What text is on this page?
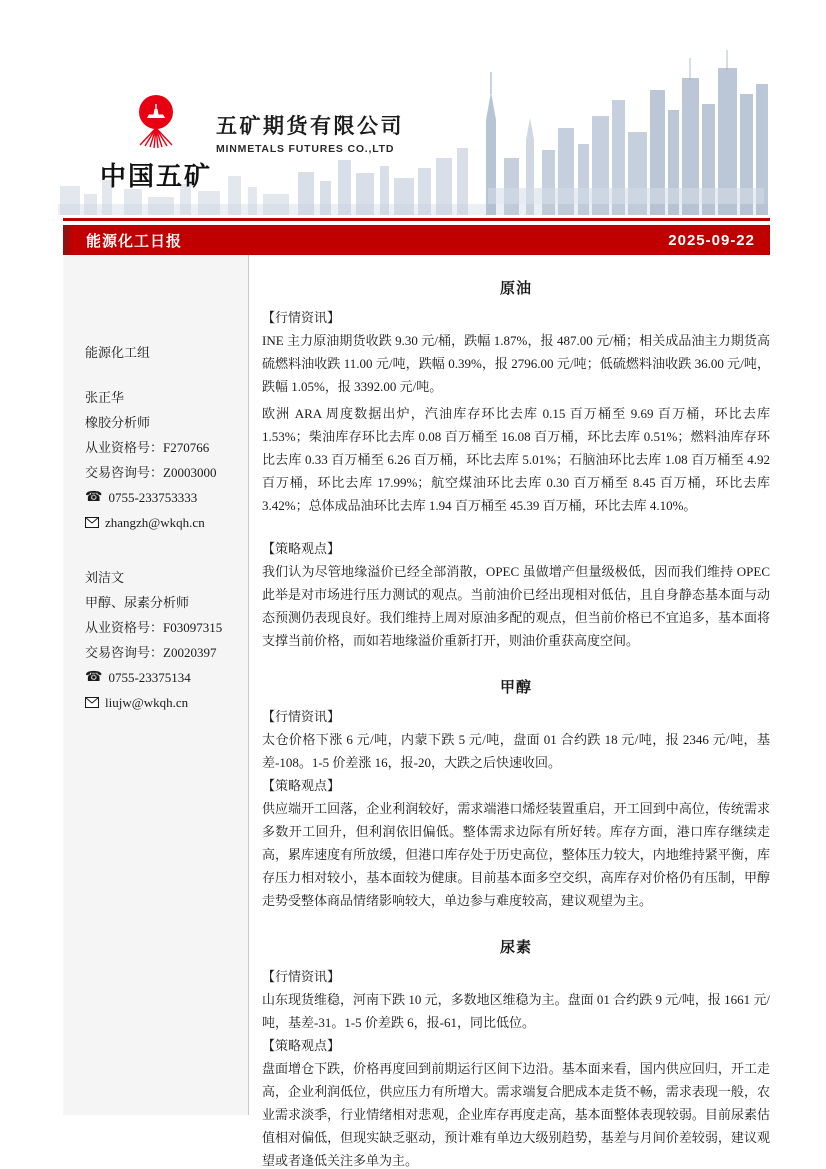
中国五矿
五矿期货有限公司
MINMETALS FUTURES CO.,LTD
能源化工日报	2025-09-22
能源化工组
张正华
橡胶分析师
从业资格号：F270766
交易咨询号：Z0003000
☎ 0755-233753333
zhangzh@wkqh.cn
刘洁文
甲醇、尿素分析师
从业资格号：F03097315
交易咨询号：Z0020397
☎ 0755-23375134
liujw@wkqh.cn
原油
【行情资讯】

INE 主力原油期货收跌 9.30 元/桶，跌幅 1.87%，报 487.00 元/桶；相关成品油主力期货高硫燃料油收跌 11.00 元/吨，跌幅 0.39%，报 2796.00 元/吨；低硫燃料油收跌 36.00 元/吨，跌幅 1.05%，报 3392.00 元/吨。

欧洲 ARA 周度数据出炉，汽油库存环比去库 0.15 百万桶至 9.69 百万桶，环比去库 1.53%；柴油库存环比去库 0.08 百万桶至 16.08 百万桶，环比去库 0.51%；燃料油库存环比去库 0.33 百万桶至 6.26 百万桶，环比去库 5.01%；石脑油环比去库 1.08 百万桶至 4.92 百万桶，环比去库 17.99%；航空煤油环比去库 0.30 百万桶至 8.45 百万桶，环比去库 3.42%；总体成品油环比去库 1.94 百万桶至 45.39 百万桶，环比去库 4.10%。

【策略观点】

我们认为尽管地缘溢价已经全部消散，OPEC 虽做增产但量级极低，因而我们维持 OPEC 此举是对市场进行压力测试的观点。当前油价已经出现相对低估，且自身静态基本面与动态预测仍表现良好。我们维持上周对原油多配的观点，但当前价格已不宜追多，基本面将支撑当前价格，而如若地缘溢价重新打开，则油价重获高度空间。

甲醇
【行情资讯】

太仓价格下涨 6 元/吨，内蒙下跌 5 元/吨，盘面 01 合约跌 18 元/吨，报 2346 元/吨，基差-108。1-5 价差涨 16，报-20，大跌之后快速收回。

【策略观点】

供应端开工回落，企业利润较好，需求端港口烯烃装置重启，开工回到中高位，传统需求多数开工回升，但利润依旧偏低。整体需求边际有所好转。库存方面，港口库存继续走高，累库速度有所放缓，但港口库存处于历史高位，整体压力较大，内地维持紧平衡，库存压力相对较小，基本面较为健康。目前基本面多空交织，高库存对价格仍有压制，甲醇走势受整体商品情绪影响较大，单边参与难度较高，建议观望为主。

尿素
【行情资讯】

山东现货维稳，河南下跌 10 元，多数地区维稳为主。盘面 01 合约跌 9 元/吨，报 1661 元/吨，基差-31。1-5 价差跌 6，报-61，同比低位。

【策略观点】

盘面增仓下跌，价格再度回到前期运行区间下边沿。基本面来看，国内供应回归，开工走高，企业利润低位，供应压力有所增大。需求端复合肥成本走货不畅，需求表现一般，农业需求淡季，行业情绪相对悲观，企业库存再度走高，基本面整体表现较弱。目前尿素估值相对偏低，但现实缺乏驱动，预计难有单边大级别趋势，基差与月间价差较弱，建议观望或者逢低关注多单为主。
